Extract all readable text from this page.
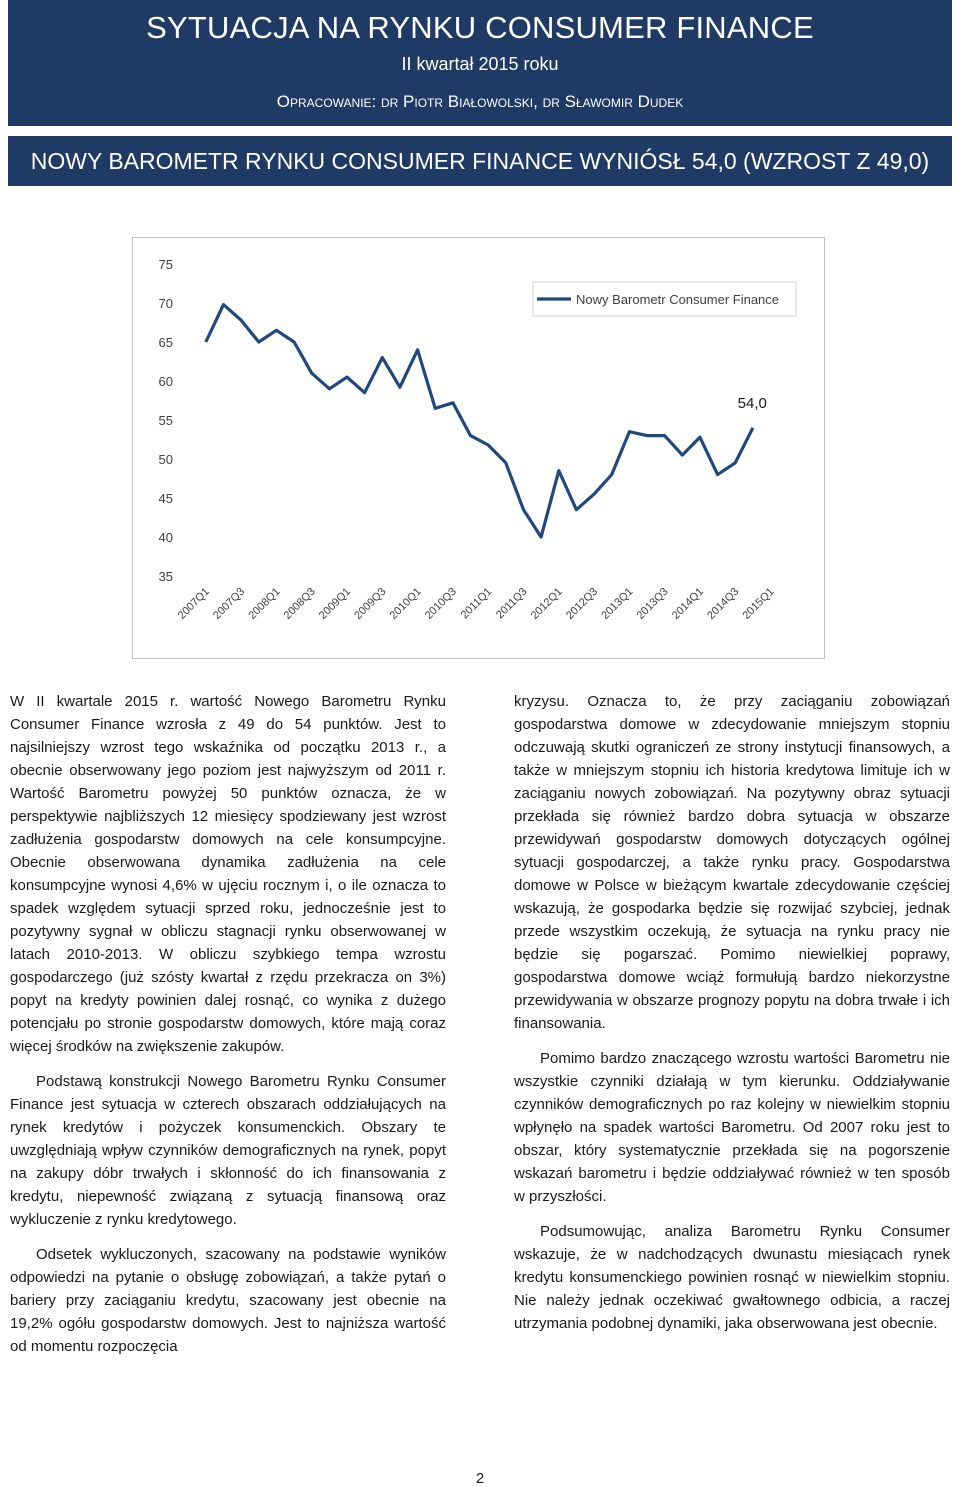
SYTUACJA NA RYNKU CONSUMER FINANCE
II kwartał 2015 roku
Opracowanie: dr Piotr Białowolski, dr Sławomir Dudek
NOWY BAROMETR RYNKU CONSUMER FINANCE WYNIÓSŁ 54,0 (WZROST Z 49,0)
75
70
65
60
55
50
45
40
35
2007Q1 2007Q3 2008Q1 2008Q3 2009Q1 2009Q3 2010Q1 2010Q3 2011Q1 2011Q3 2012Q1 2012Q3 2013Q1 2013Q3 2014Q1 2014Q3 2015Q1
Nowy Barometr Consumer Finance
54,0

W II kwartale 2015 r. wartość Nowego Barometru Rynku Consumer Finance wzrosła z 49 do 54 punktów. Jest to najsilniejszy wzrost tego wskaźnika od początku 2013 r., a obecnie obserwowany jego poziom jest najwyższym od 2011 r. Wartość Barometru powyżej 50 punktów oznacza, że w perspektywie najbliższych 12 miesięcy spodziewany jest wzrost zadłużenia gospodarstw domowych na cele konsumpcyjne. Obecnie obserwowana dynamika zadłużenia na cele konsumpcyjne wynosi 4,6% w ujęciu rocznym i, o ile oznacza to spadek względem sytuacji sprzed roku, jednocześnie jest to pozytywny sygnał w obliczu stagnacji rynku obserwowanej w latach 2010-2013. W obliczu szybkiego tempa wzrostu gospodarczego (już szósty kwartał z rzędu przekracza on 3%) popyt na kredyty powinien dalej rosnąć, co wynika z dużego potencjału po stronie gospodarstw domowych, które mają coraz więcej środków na zwiększenie zakupów.

Podstawą konstrukcji Nowego Barometru Rynku Consumer Finance jest sytuacja w czterech obszarach oddziałujących na rynek kredytów i pożyczek konsumenckich. Obszary te uwzględniają wpływ czynników demograficznych na rynek, popyt na zakupy dóbr trwałych i skłonność do ich finansowania z kredytu, niepewność związaną z sytuacją finansową oraz wykluczenie z rynku kredytowego.

Odsetek wykluczonych, szacowany na podstawie wyników odpowiedzi na pytanie o obsługę zobowiązań, a także pytań o bariery przy zaciąganiu kredytu, szacowany jest obecnie na 19,2% ogółu gospodarstw domowych. Jest to najniższa wartość od momentu rozpoczęcia

kryzysu. Oznacza to, że przy zaciąganiu zobowiązań gospodarstwa domowe w zdecydowanie mniejszym stopniu odczuwają skutki ograniczeń ze strony instytucji finansowych, a także w mniejszym stopniu ich historia kredytowa limituje ich w zaciąganiu nowych zobowiązań. Na pozytywny obraz sytuacji przekłada się również bardzo dobra sytuacja w obszarze przewidywań gospodarstw domowych dotyczących ogólnej sytuacji gospodarczej, a także rynku pracy. Gospodarstwa domowe w Polsce w bieżącym kwartale zdecydowanie częściej wskazują, że gospodarka będzie się rozwijać szybciej, jednak przede wszystkim oczekują, że sytuacja na rynku pracy nie będzie się pogarszać. Pomimo niewielkiej poprawy, gospodarstwa domowe wciąż formułują bardzo niekorzystne przewidywania w obszarze prognozy popytu na dobra trwałe i ich finansowania.

Pomimo bardzo znaczącego wzrostu wartości Barometru nie wszystkie czynniki działają w tym kierunku. Oddziaływanie czynników demograficznych po raz kolejny w niewielkim stopniu wpłynęło na spadek wartości Barometru. Od 2007 roku jest to obszar, który systematycznie przekłada się na pogorszenie wskazań barometru i będzie oddziaływać również w ten sposób w przyszłości.

Podsumowując, analiza Barometru Rynku Consumer wskazuje, że w nadchodzących dwunastu miesiącach rynek kredytu konsumenckiego powinien rosnąć w niewielkim stopniu. Nie należy jednak oczekiwać gwałtownego odbicia, a raczej utrzymania podobnej dynamiki, jaka obserwowana jest obecnie.

2
